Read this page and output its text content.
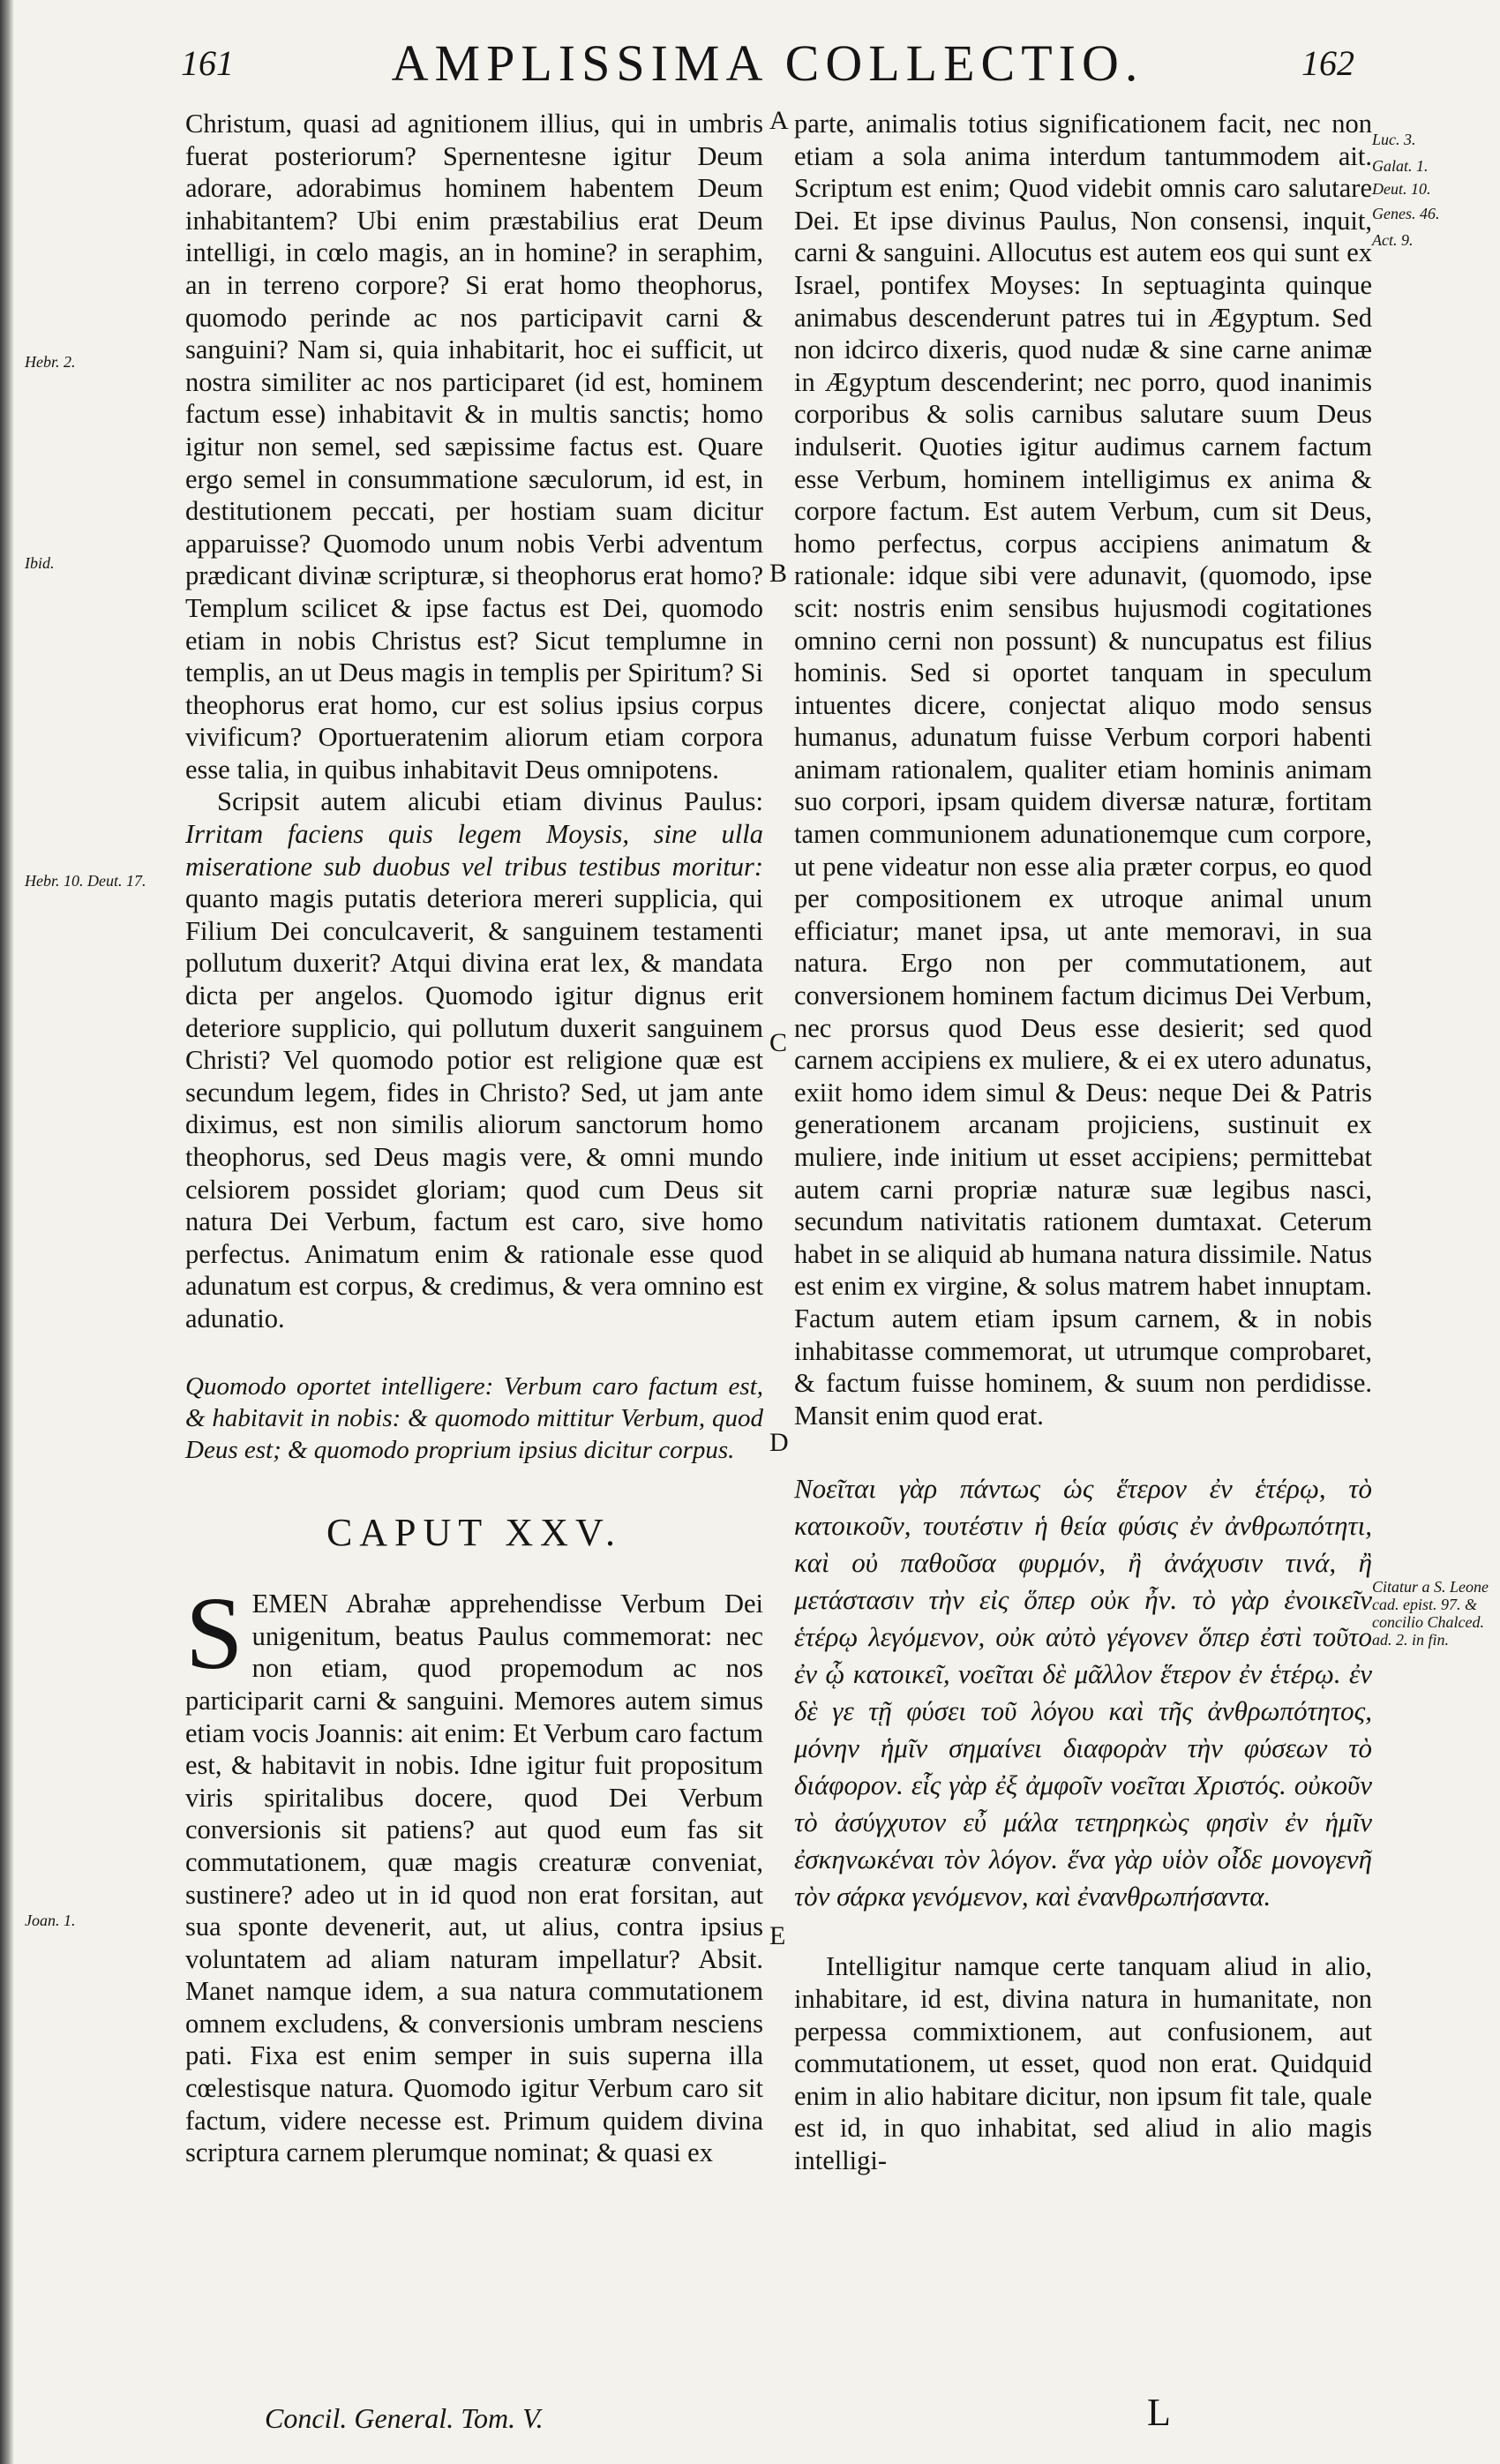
161	AMPLISSIMA COLLECTIO.	162

Christum, quasi ad agnitionem illius, qui in umbris fuerat posteriorum? Spernentesne igitur Deum adorare, adorabimus hominem habentem Deum inhabitantem? Ubi enim præstabilius erat Deum intelligi, in cœlo magis, an in homine? in seraphim, an in terreno corpore? Si erat homo theophorus, quomodo perinde ac nos participavit carni & sanguini? Nam si, quia inhabitarit, hoc ei sufficit, ut nostra similiter ac nos participaret (id est, hominem factum esse) inhabitavit & in multis sanctis; homo igitur non semel, sed sæpissime factus est. Quare ergo semel in consummatione sæculorum, id est, in destitutionem peccati, per hostiam suam dicitur apparuisse? Quomodo unum nobis Verbi adventum prædicant divinæ scripturæ, si theophorus erat homo? Templum scilicet & ipse factus est Dei, quomodo etiam in nobis Christus est? Sicut templumne in templis, an ut Deus magis in templis per Spiritum? Si theophorus erat homo, cur est solius ipsius corpus vivificum? Oportueratenim aliorum etiam corpora esse talia, in quibus inhabitavit Deus omnipotens.

Scripsit autem alicubi etiam divinus Paulus: Irritam faciens quis legem Moysis, sine ulla miseratione sub duobus vel tribus testibus moritur: quanto magis putatis deteriora mereri supplicia, qui Filium Dei conculcaverit, & sanguinem testamenti pollutum duxerit? Atqui divina erat lex, & mandata dicta per angelos. Quomodo igitur dignus erit deteriore supplicio, qui pollutum duxerit sanguinem Christi? Vel quomodo potior est religione quæ est secundum legem, fides in Christo? Sed, ut jam ante diximus, est non similis aliorum sanctorum homo theophorus, sed Deus magis vere, & omni mundo celsiorem possidet gloriam; quod cum Deus sit natura Dei Verbum, factum est caro, sive homo perfectus. Animatum enim & rationale esse quod adunatum est corpus, & credimus, & vera omnino est adunatio.

Quomodo oportet intelligere: Verbum caro factum est, & habitavit in nobis: & quomodo mittitur Verbum, quod Deus est; & quomodo proprium ipsius dicitur corpus.

CAPUT XXV.

SEMEN Abrahæ apprehendisse Verbum Dei unigenitum, beatus Paulus commemorat: nec non etiam, quod propemodum ac nos participarit carni & sanguini. Memores autem simus etiam vocis Joannis: ait enim: Et Verbum caro factum est, & habitavit in nobis. Idne igitur fuit propositum viris spiritalibus docere, quod Dei Verbum conversionis sit patiens? aut quod eum fas sit commutationem, quæ magis creaturæ conveniat, sustinere? adeo ut in id quod non erat forsitan, aut sua sponte devenerit, aut, ut alius, contra ipsius voluntatem ad aliam naturam impellatur? Absit. Manet namque idem, a sua natura commutationem omnem excludens, & conversionis umbram nesciens pati. Fixa est enim semper in suis superna illa cœlestisque natura. Quomodo igitur Verbum caro sit factum, videre necesse est. Primum quidem divina scriptura carnem plerumque nominat; & quasi ex

parte, animalis totius significationem facit, nec non etiam a sola anima interdum tantummodem ait. Scriptum est enim; Quod videbit omnis caro salutare Dei. Et ipse divinus Paulus, Non consensi, inquit, carni & sanguini. Allocutus est autem eos qui sunt ex Israel, pontifex Moyses: In septuaginta quinque animabus descenderunt patres tui in Ægyptum. Sed non idcirco dixeris, quod nudæ & sine carne animæ in Ægyptum descenderint; nec porro, quod inanimis corporibus & solis carnibus salutare suum Deus indulserit. Quoties igitur audimus carnem factum esse Verbum, hominem intelligimus ex anima & corpore factum. Est autem Verbum, cum sit Deus, homo perfectus, corpus accipiens animatum & rationale: idque sibi vere adunavit, (quomodo, ipse scit: nostris enim sensibus hujusmodi cogitationes omnino cerni non possunt) & nuncupatus est filius hominis. Sed si oportet tanquam in speculum intuentes dicere, conjectat aliquo modo sensus humanus, adunatum fuisse Verbum corpori habenti animam rationalem, qualiter etiam hominis animam suo corpori, ipsam quidem diversæ naturæ, fortitam tamen communionem adunationemque cum corpore, ut pene videatur non esse alia præter corpus, eo quod per compositionem ex utroque animal unum efficiatur; manet ipsa, ut ante memoravi, in sua natura. Ergo non per commutationem, aut conversionem hominem factum dicimus Dei Verbum, nec prorsus quod Deus esse desierit; sed quod carnem accipiens ex muliere, & ei ex utero adunatus, exiit homo idem simul & Deus: neque Dei & Patris generationem arcanam projiciens, sustinuit ex muliere, inde initium ut esset accipiens; permittebat autem carni propriæ naturæ suæ legibus nasci, secundum nativitatis rationem dumtaxat. Ceterum habet in se aliquid ab humana natura dissimile. Natus est enim ex virgine, & solus matrem habet innuptam. Factum autem etiam ipsum carnem, & in nobis inhabitasse commemorat, ut utrumque comprobaret, & factum fuisse hominem, & suum non perdidisse. Mansit enim quod erat.

Νοεῖται γὰρ πάντως ὡς ἕτερον ἐν ἑτέρῳ, τὸ κατοικοῦν, τουτέστιν ἡ θεία φύσις ἐν ἀνθρωπότητι, καὶ οὐ παθοῦσα φυρμόν, ἢ ἀνάχυσιν τινά, ἢ μετάστασιν τὴν εἰς ὅπερ οὐκ ἦν. τὸ γὰρ ἐνοικεῖν ἑτέρῳ λεγόμενον, οὐκ αὐτὸ γέγονεν ὅπερ ἐστὶ τοῦτο ἐν ᾧ κατοικεῖ, νοεῖται δὲ μᾶλλον ἕτερον ἐν ἑτέρῳ. ἐν δὲ γε τῇ φύσει τοῦ λόγου καὶ τῆς ἀνθρωπότητος, μόνην ἡμῖν σημαίνει διαφορὰν τὴν φύσεων τὸ διάφορον. εἷς γὰρ ἐξ ἀμφοῖν νοεῖται Χριστός. οὐκοῦν τὸ ἀσύγχυτον εὖ μάλα τετηρηκὼς φησὶν ἐν ἡμῖν ἐσκηνωκέναι τὸν λόγον. ἕνα γὰρ υἱὸν οἶδε μονογενῆ τὸν σάρκα γενόμενον, καὶ ἐνανθρωπήσαντα.

Intelligitur namque certe tanquam aliud in alio, inhabitare, id est, divina natura in humanitate, non perpessa commixtionem, aut confusionem, aut commutationem, ut esset, quod non erat. Quidquid enim in alio habitare dicitur, non ipsum fit tale, quale est id, in quo inhabitat, sed aliud in alio magis intelligi-

A
B
C
D
E
Hebr. 2.
Ibid.
Hebr. 10. Deut. 17.
Joan. 1.
Luc. 3.
Galat. 1.
Deut. 10.
Genes. 46.
Act. 9.
Citatur a S. Leone cad. epist. 97. & concilio Chalced. ad. 2. in fin.
Concil. General. Tom. V.	L
